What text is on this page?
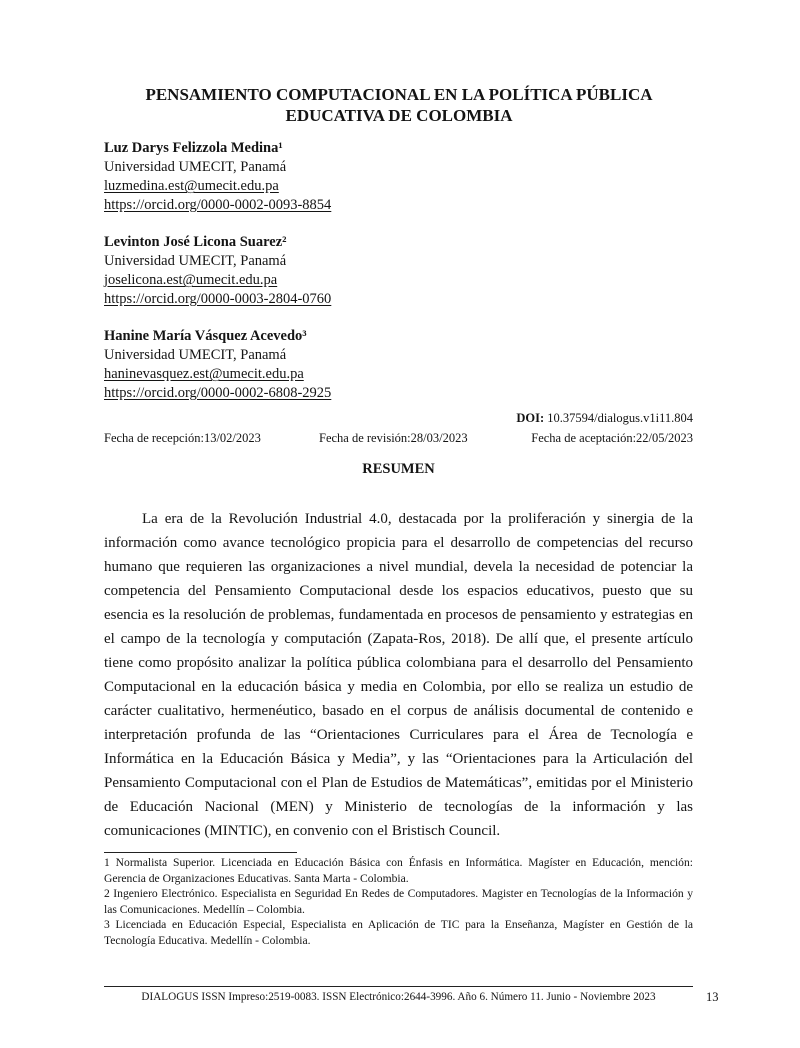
PENSAMIENTO COMPUTACIONAL EN LA POLÍTICA PÚBLICA EDUCATIVA DE COLOMBIA
Luz Darys Felizzola Medina¹
Universidad UMECIT, Panamá
luzmedina.est@umecit.edu.pa
https://orcid.org/0000-0002-0093-8854
Levinton José Licona Suarez²
Universidad UMECIT, Panamá
joselicona.est@umecit.edu.pa
https://orcid.org/0000-0003-2804-0760
Hanine María Vásquez Acevedo³
Universidad UMECIT, Panamá
haninevasquez.est@umecit.edu.pa
https://orcid.org/0000-0002-6808-2925
DOI: 10.37594/dialogus.v1i11.804
Fecha de recepción:13/02/2023	Fecha de revisión:28/03/2023	Fecha de aceptación:22/05/2023
RESUMEN

La era de la Revolución Industrial 4.0, destacada por la proliferación y sinergia de la información como avance tecnológico propicia para el desarrollo de competencias del recurso humano que requieren las organizaciones a nivel mundial, devela la necesidad de potenciar la competencia del Pensamiento Computacional desde los espacios educativos, puesto que su esencia es la resolución de problemas, fundamentada en procesos de pensamiento y estrategias en el campo de la tecnología y computación (Zapata-Ros, 2018). De allí que, el presente artículo tiene como propósito analizar la política pública colombiana para el desarrollo del Pensamiento Computacional en la educación básica y media en Colombia, por ello se realiza un estudio de carácter cualitativo, hermenéutico, basado en el corpus de análisis documental de contenido e interpretación profunda de las “Orientaciones Curriculares para el Área de Tecnología e Informática en la Educación Básica y Media”, y las “Orientaciones para la Articulación del Pensamiento Computacional con el Plan de Estudios de Matemáticas”, emitidas por el Ministerio de Educación Nacional (MEN) y Ministerio de tecnologías de la información y las comunicaciones (MINTIC), en convenio con el Bristisch Council.

1 Normalista Superior. Licenciada en Educación Básica con Énfasis en Informática. Magíster en Educación, mención: Gerencia de Organizaciones Educativas. Santa Marta - Colombia.

2 Ingeniero Electrónico. Especialista en Seguridad En Redes de Computadores. Magister en Tecnologías de la Información y las Comunicaciones. Medellín – Colombia.

3 Licenciada en Educación Especial, Especialista en Aplicación de TIC para la Enseñanza, Magíster en Gestión de la Tecnología Educativa. Medellín - Colombia.

DIALOGUS ISSN Impreso:2519-0083. ISSN Electrónico:2644-3996. Año 6. Número 11. Junio - Noviembre 2023	13
